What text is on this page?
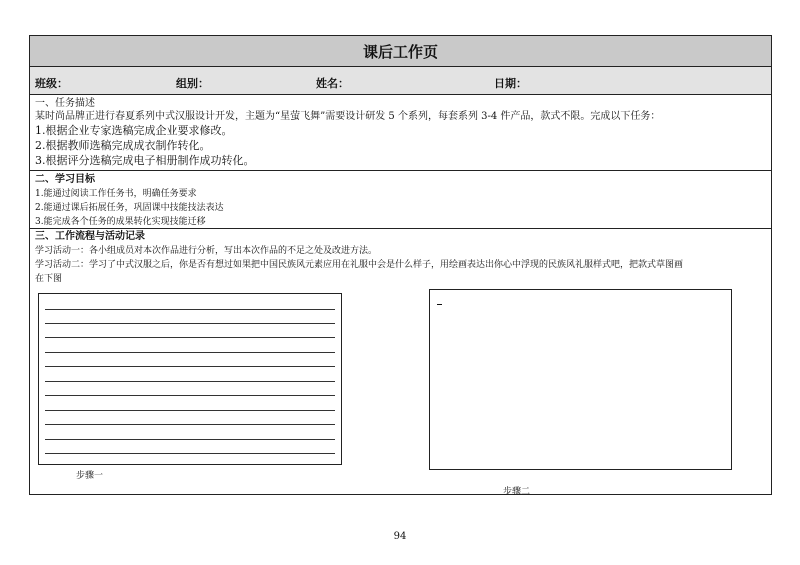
课后工作页
班级：	组别：	姓名：	日期：
一、任务描述
某时尚品牌正进行春夏系列中式汉服设计开发，主题为“星萤飞舞”需要设计研发 5 个系列，每套系列 3-4 件产品，款式不限。完成以下任务：
1.根据企业专家选稿完成企业要求修改。
2.根据教师选稿完成成衣制作转化。
3.根据评分选稿完成电子相册制作成功转化。
二、学习目标
1.能通过阅读工作任务书，明确任务要求
2.能通过课后拓展任务，巩固课中技能技法表达
3.能完成各个任务的成果转化实现技能迁移
三、工作流程与活动记录
学习活动一：各小组成员对本次作品进行分析，写出本次作品的不足之处及改进方法。
学习活动二：学习了中式汉服之后，你是否有想过如果把中国民族风元素应用在礼服中会是什么样子，用绘画表达出你心中浮现的民族风礼服样式吧，把款式草图画
在下图
步骤一
步骤二
94
